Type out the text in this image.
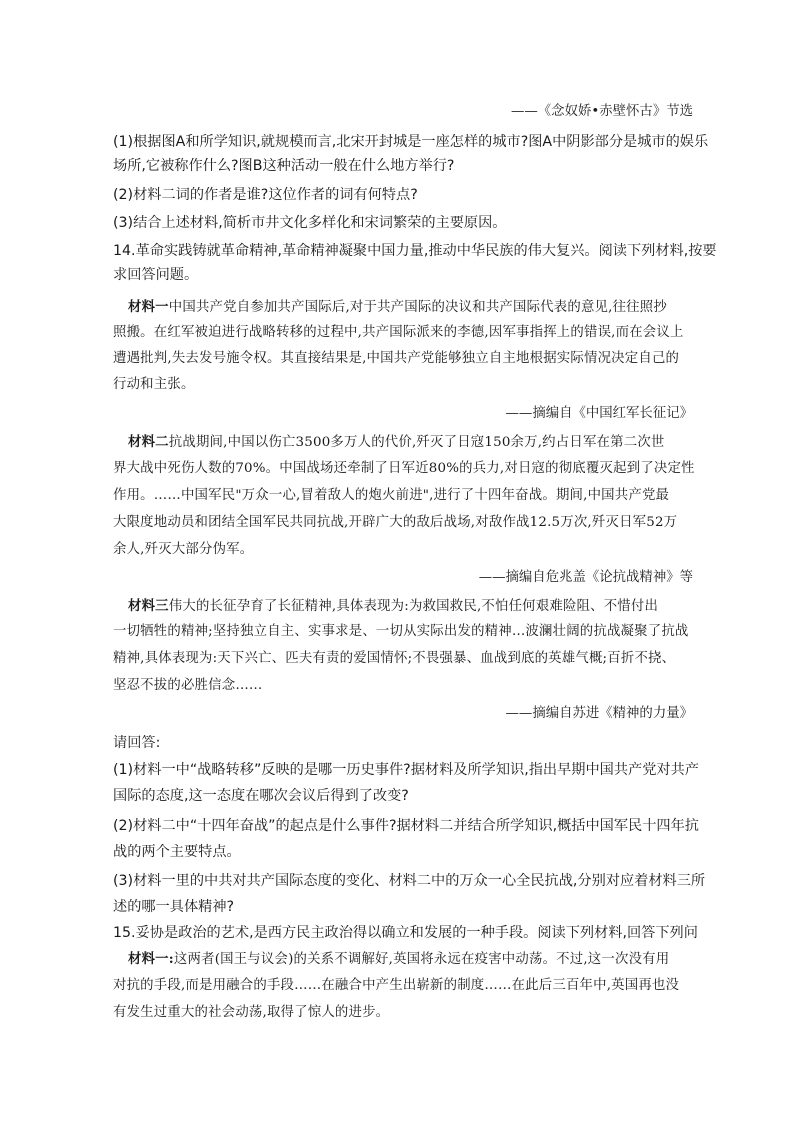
——《念奴娇•赤壁怀古》节选
(1)根据图A和所学知识,就规模而言,北宋开封城是一座怎样的城市?图A中阴影部分是城市的娱乐
场所,它被称作什么?图B这种活动一般在什么地方举行?
(2)材料二词的作者是谁?这位作者的词有何特点?
(3)结合上述材料,简析市井文化多样化和宋词繁荣的主要原因。
14.革命实践铸就革命精神,革命精神凝聚中国力量,推动中华民族的伟大复兴。阅读下列材料,按要
求回答问题。
材料一中国共产党自参加共产国际后,对于共产国际的决议和共产国际代表的意见,往往照抄
照搬。在红军被迫进行战略转移的过程中,共产国际派来的李德,因军事指挥上的错误,而在会议上
遭遇批判,失去发号施令权。其直接结果是,中国共产党能够独立自主地根据实际情况决定自己的
行动和主张。
——摘编自《中国红军长征记》
材料二抗战期间,中国以伤亡3500多万人的代价,歼灭了日寇150余万,约占日军在第二次世
界大战中死伤人数的70%。中国战场还牵制了日军近80%的兵力,对日寇的彻底覆灭起到了决定性
作用。……中国军民"万众一心,冒着敌人的炮火前进",进行了十四年奋战。期间,中国共产党最
大限度地动员和团结全国军民共同抗战,开辟广大的敌后战场,对敌作战12.5万次,歼灭日军52万
余人,歼灭大部分伪军。
——摘编自危兆盖《论抗战精神》等
材料三伟大的长征孕育了长征精神,具体表现为:为救国救民,不怕任何艰难险阻、不惜付出
一切牺牲的精神;坚持独立自主、实事求是、一切从实际出发的精神…波澜壮阔的抗战凝聚了抗战
精神,具体表现为:天下兴亡、匹夫有责的爱国情怀;不畏强暴、血战到底的英雄气概;百折不挠、
坚忍不拔的必胜信念……
——摘编自苏进《精神的力量》
请回答:
(1)材料一中“战略转移”反映的是哪一历史事件?据材料及所学知识,指出早期中国共产党对共产
国际的态度,这一态度在哪次会议后得到了改变?
(2)材料二中“十四年奋战”的起点是什么事件?据材料二并结合所学知识,概括中国军民十四年抗
战的两个主要特点。
(3)材料一里的中共对共产国际态度的变化、材料二中的万众一心全民抗战,分别对应着材料三所
述的哪一具体精神?
15.妥协是政治的艺术,是西方民主政治得以确立和发展的一种手段。阅读下列材料,回答下列问
材料一:这两者(国王与议会)的关系不调解好,英国将永远在疫害中动荡。不过,这一次没有用
对抗的手段,而是用融合的手段……在融合中产生出崭新的制度……在此后三百年中,英国再也没
有发生过重大的社会动荡,取得了惊人的进步。
